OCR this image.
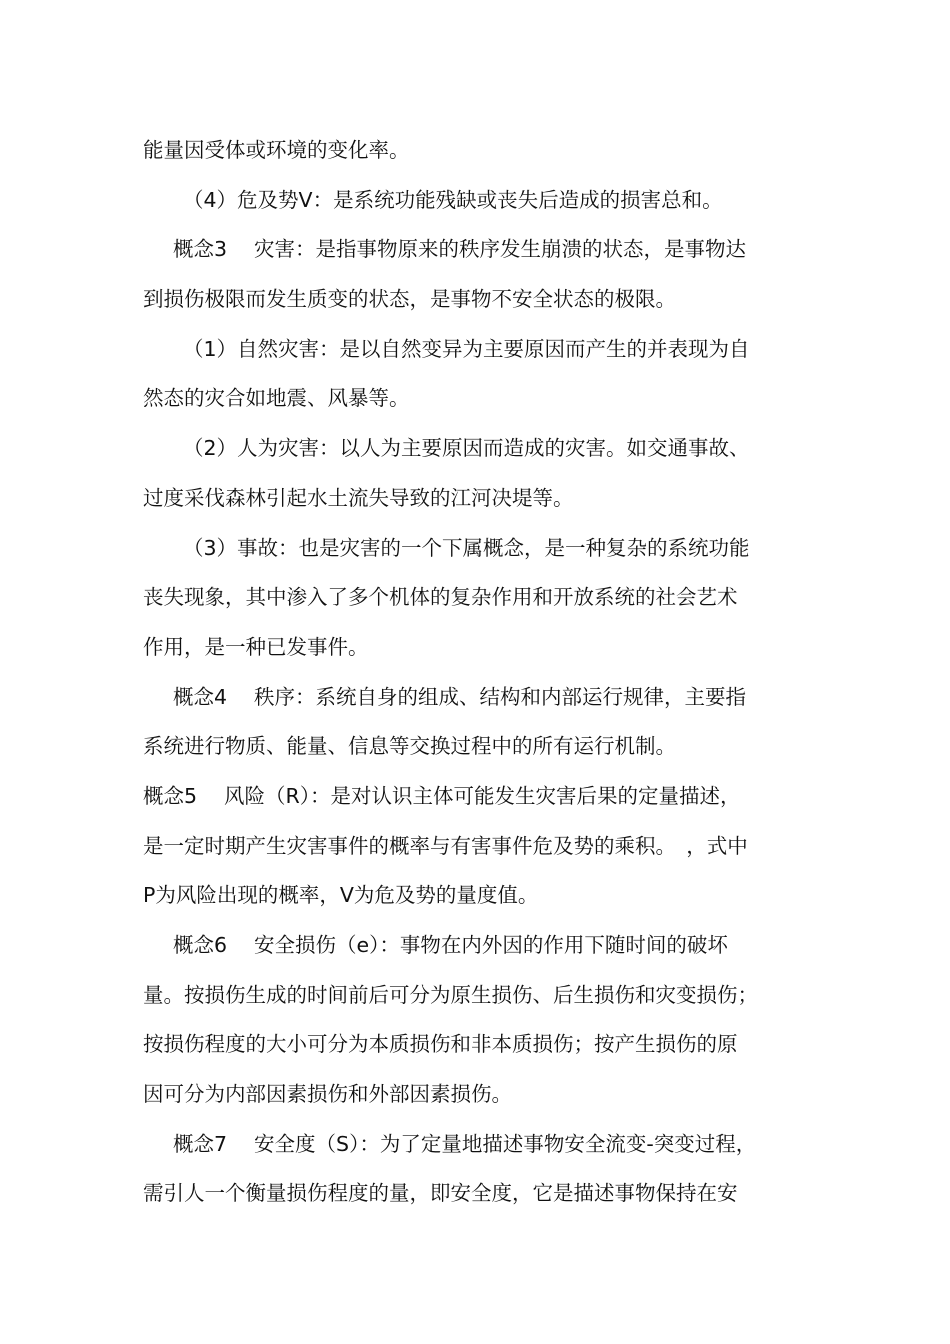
能量因受体或环境的变化率。
（4）危及势V：是系统功能残缺或丧失后造成的损害总和。
概念3　 灾害：是指事物原来的秩序发生崩溃的状态，是事物达
到损伤极限而发生质变的状态，是事物不安全状态的极限。
（1）自然灾害：是以自然变异为主要原因而产生的并表现为自
然态的灾合如地震、风暴等。
（2）人为灾害：以人为主要原因而造成的灾害。如交通事故、
过度采伐森林引起水土流失导致的江河决堤等。
（3）事故：也是灾害的一个下属概念，是一种复杂的系统功能
丧失现象，其中渗入了多个机体的复杂作用和开放系统的社会艺术
作用，是一种已发事件。
概念4　 秩序：系统自身的组成、结构和内部运行规律，主要指
系统进行物质、能量、信息等交换过程中的所有运行机制。
概念5　 风险（R）：是对认识主体可能发生灾害后果的定量描述，
是一定时期产生灾害事件的概率与有害事件危及势的乘积。　，式中
P为风险出现的概率，V为危及势的量度值。
概念6　 安全损伤（e）：事物在内外因的作用下随时间的破坏
量。按损伤生成的时间前后可分为原生损伤、后生损伤和灾变损伤；
按损伤程度的大小可分为本质损伤和非本质损伤；按产生损伤的原
因可分为内部因素损伤和外部因素损伤。
概念7　 安全度（S）：为了定量地描述事物安全流变-突变过程，
需引人一个衡量损伤程度的量，即安全度，它是描述事物保持在安
